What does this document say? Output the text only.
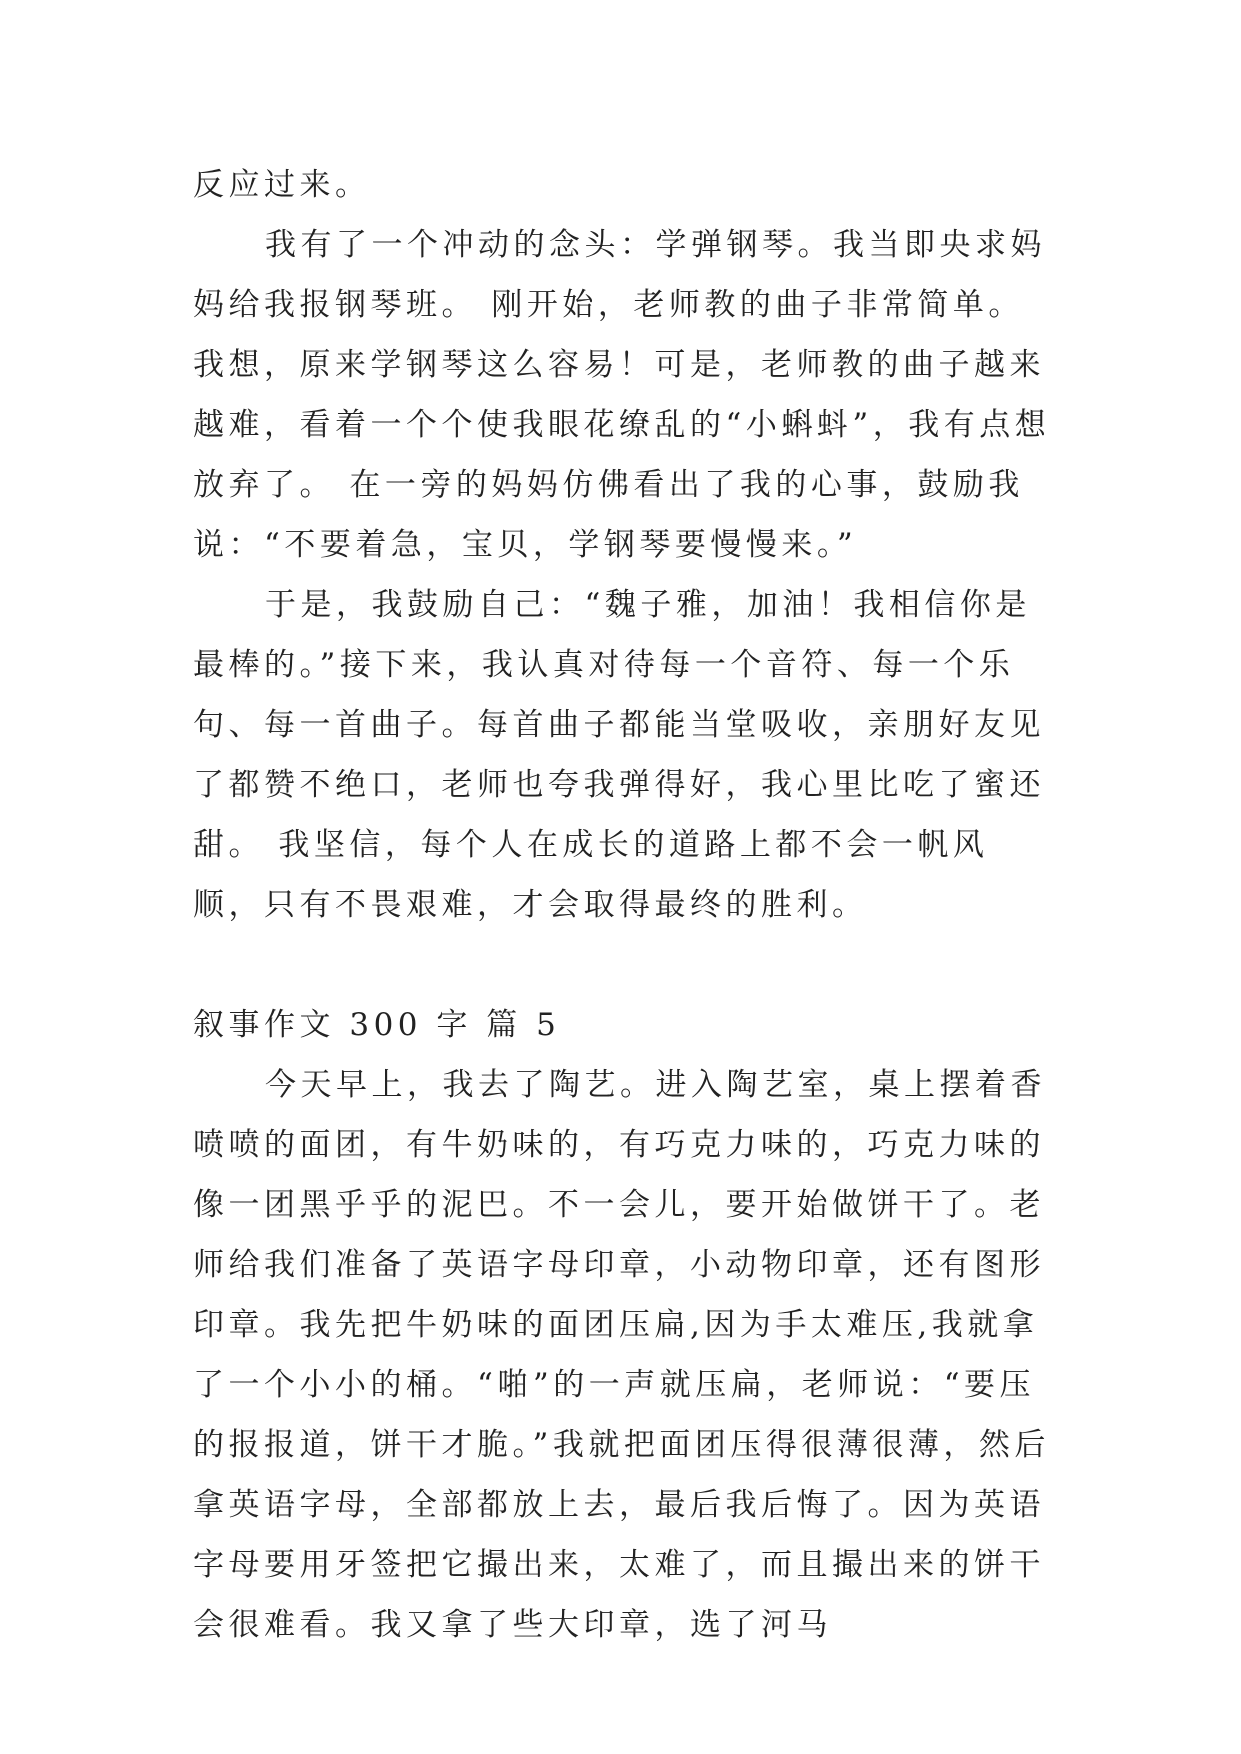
反应过来。

我有了一个冲动的念头：学弹钢琴。我当即央求妈妈给我报钢琴班。 刚开始，老师教的曲子非常简单。我想，原来学钢琴这么容易！可是，老师教的曲子越来越难，看着一个个使我眼花缭乱的“小蝌蚪”，我有点想放弃了。 在一旁的妈妈仿佛看出了我的心事，鼓励我说：“不要着急，宝贝，学钢琴要慢慢来。”

于是，我鼓励自己：“魏子雅，加油！我相信你是最棒的。”接下来，我认真对待每一个音符、每一个乐句、每一首曲子。每首曲子都能当堂吸收，亲朋好友见了都赞不绝口，老师也夸我弹得好，我心里比吃了蜜还甜。 我坚信，每个人在成长的道路上都不会一帆风顺，只有不畏艰难，才会取得最终的胜利。

叙事作文 300 字 篇 5

今天早上，我去了陶艺。进入陶艺室，桌上摆着香喷喷的面团，有牛奶味的，有巧克力味的，巧克力味的像一团黑乎乎的泥巴。不一会儿，要开始做饼干了。老师给我们准备了英语字母印章，小动物印章，还有图形印章。我先把牛奶味的面团压扁,因为手太难压,我就拿了一个小小的桶。“啪”的一声就压扁，老师说：“要压的报报道，饼干才脆。”我就把面团压得很薄很薄，然后拿英语字母，全部都放上去，最后我后悔了。因为英语字母要用牙签把它撮出来，太难了，而且撮出来的饼干会很难看。我又拿了些大印章，选了河马
